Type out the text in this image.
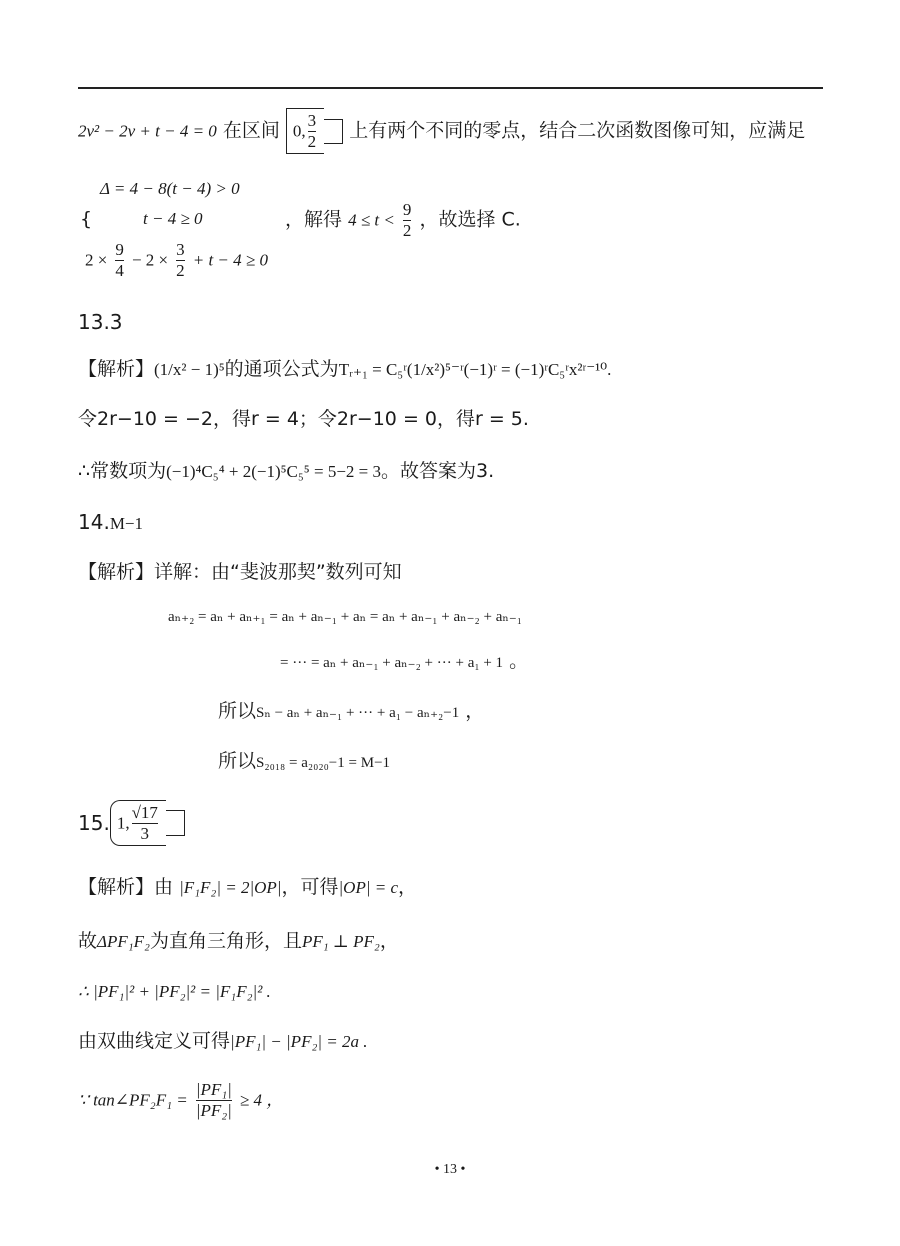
2v² − 2v + t − 4 = 0 在区间 0, $\frac{3}{2}$ 上有两个不同的零点，结合二次函数图像可知，应满足
Δ = 4 − 8(t − 4) > 0
{	t − 4 ≥ 0	，解得 $4 \le t < \frac{9}{2}$ ，故选择 C.
$2 \times \frac{9}{4} - 2 \times \frac{3}{2} + t - 4 \ge 0$
13.3
【解析】(1/x² − 1)⁵的通项公式为Tᵣ₊₁ = C₅ʳ(1/x²)⁵⁻ʳ(−1)ʳ = (−1)ʳC₅ʳx²ʳ⁻¹⁰.
令2r−10 = −2，得r = 4；令2r−10 = 0，得r = 5.
∴常数项为(−1)⁴C₅⁴ + 2(−1)⁵C₅⁵ = 5−2 = 3。故答案为3.
14.M−1
【解析】详解：由“斐波那契”数列可知
aₙ₊₂ = aₙ + aₙ₊₁ = aₙ + aₙ₋₁ + aₙ = aₙ + aₙ₋₁ + aₙ₋₂ + aₙ₋₁
= ··· = aₙ + aₙ₋₁ + aₙ₋₂ + ··· + a₁ + 1 。
所以Sₙ − aₙ + aₙ₋₁ + ··· + a₁ − aₙ₊₂−1 ，
所以S₂₀₁₈ = a₂₀₂₀−1 = M−1
15. 1, $\frac{√17}{3}$

【解析】由 |F₁F₂| = 2|OP|，可得|OP| = c，
故ΔPF₁F₂为直角三角形，且PF₁ ⊥ PF₂，
∴ |PF₁|² + |PF₂|² = |F₁F₂|² .
由双曲线定义可得|PF₁| − |PF₂| = 2a .
∵ tan∠PF₂F₁ = $\frac{\text{|PF₁|}}{\text{|PF₂|}} \ge 4$ ，
• 13 •
